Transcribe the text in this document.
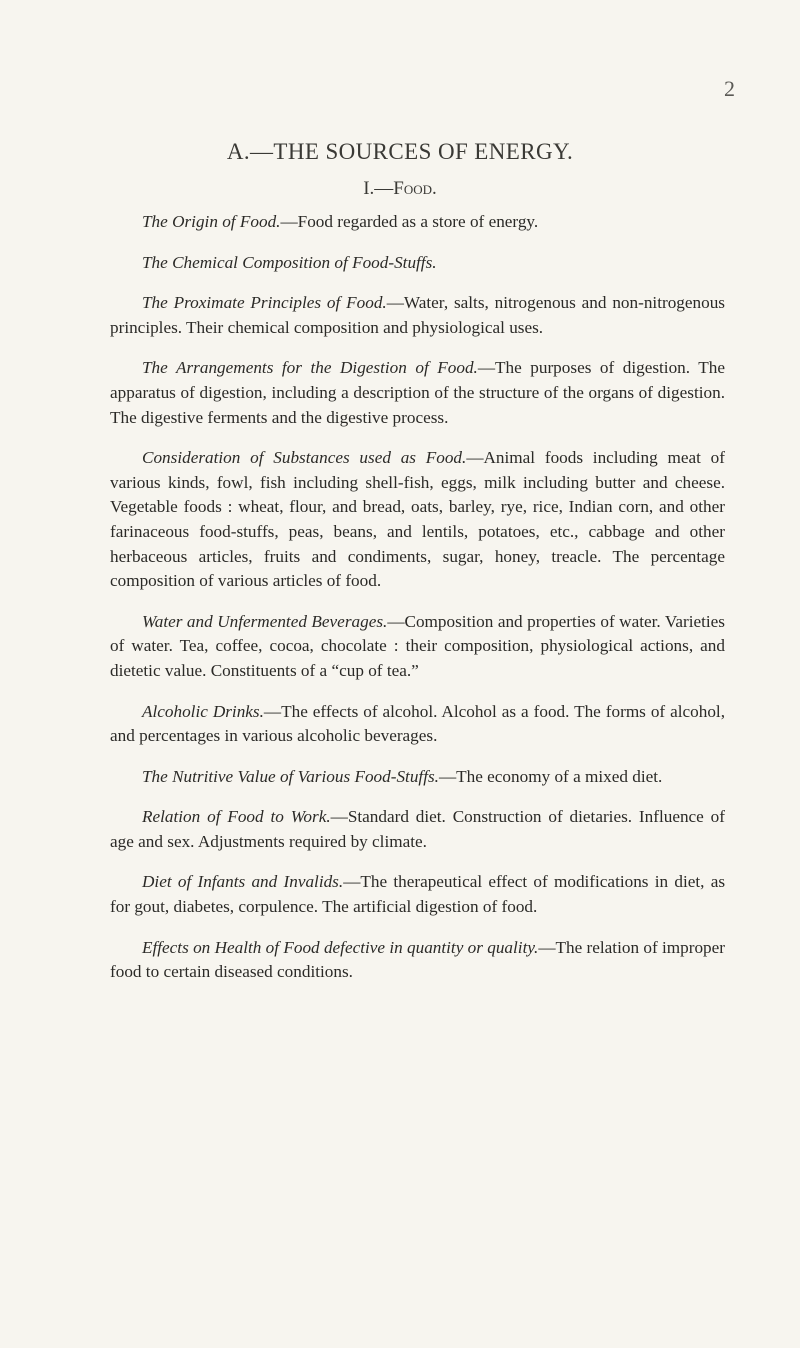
2
A.—THE SOURCES OF ENERGY.
I.—Food.

The Origin of Food.—Food regarded as a store of energy.

The Chemical Composition of Food-Stuffs.

The Proximate Principles of Food.—Water, salts, nitrogenous and non-nitrogenous principles. Their chemical composition and physiological uses.

The Arrangements for the Digestion of Food.—The purposes of digestion. The apparatus of digestion, including a description of the structure of the organs of digestion. The digestive ferments and the digestive process.

Consideration of Substances used as Food.—Animal foods including meat of various kinds, fowl, fish including shell-fish, eggs, milk including butter and cheese. Vegetable foods : wheat, flour, and bread, oats, barley, rye, rice, Indian corn, and other farinaceous food-stuffs, peas, beans, and lentils, potatoes, etc., cabbage and other herbaceous articles, fruits and condiments, sugar, honey, treacle. The percentage composition of various articles of food.

Water and Unfermented Beverages.—Composition and properties of water. Varieties of water. Tea, coffee, cocoa, chocolate : their composition, physiological actions, and dietetic value. Constituents of a “cup of tea.”

Alcoholic Drinks.—The effects of alcohol. Alcohol as a food. The forms of alcohol, and percentages in various alcoholic beverages.

The Nutritive Value of Various Food-Stuffs.—The economy of a mixed diet.

Relation of Food to Work.—Standard diet. Construction of dietaries. Influence of age and sex. Adjustments required by climate.

Diet of Infants and Invalids.—The therapeutical effect of modifications in diet, as for gout, diabetes, corpulence. The artificial digestion of food.

Effects on Health of Food defective in quantity or quality.—The relation of improper food to certain diseased conditions.
